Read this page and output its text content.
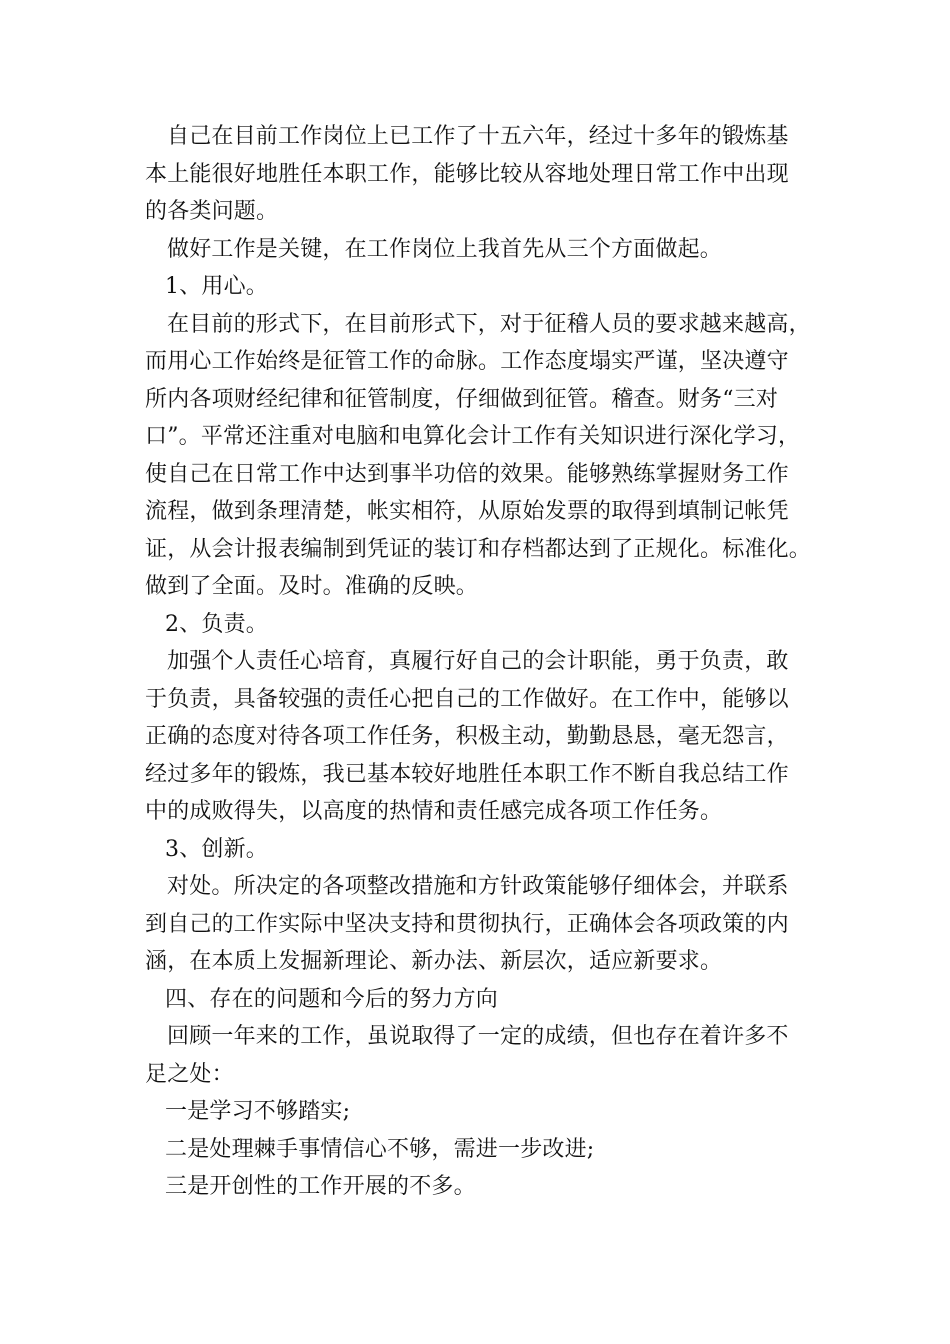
自己在目前工作岗位上已工作了十五六年，经过十多年的锻炼基
本上能很好地胜任本职工作，能够比较从容地处理日常工作中出现
的各类问题。
做好工作是关键，在工作岗位上我首先从三个方面做起。
1、用心。
在目前的形式下，在目前形式下，对于征稽人员的要求越来越高，
而用心工作始终是征管工作的命脉。工作态度塌实严谨，坚决遵守
所内各项财经纪律和征管制度，仔细做到征管。稽查。财务“三对
口”。平常还注重对电脑和电算化会计工作有关知识进行深化学习，
使自己在日常工作中达到事半功倍的效果。能够熟练掌握财务工作
流程，做到条理清楚，帐实相符，从原始发票的取得到填制记帐凭
证，从会计报表编制到凭证的装订和存档都达到了正规化。标准化。
做到了全面。及时。准确的反映。
2、负责。
加强个人责任心培育，真履行好自己的会计职能，勇于负责，敢
于负责，具备较强的责任心把自己的工作做好。在工作中，能够以
正确的态度对待各项工作任务，积极主动，勤勤恳恳，毫无怨言，
经过多年的锻炼，我已基本较好地胜任本职工作不断自我总结工作
中的成败得失，以高度的热情和责任感完成各项工作任务。
3、创新。
对处。所决定的各项整改措施和方针政策能够仔细体会，并联系
到自己的工作实际中坚决支持和贯彻执行，正确体会各项政策的内
涵，在本质上发掘新理论、新办法、新层次，适应新要求。
四、存在的问题和今后的努力方向
回顾一年来的工作，虽说取得了一定的成绩，但也存在着许多不
足之处：
一是学习不够踏实;
二是处理棘手事情信心不够，需进一步改进;
三是开创性的工作开展的不多。
